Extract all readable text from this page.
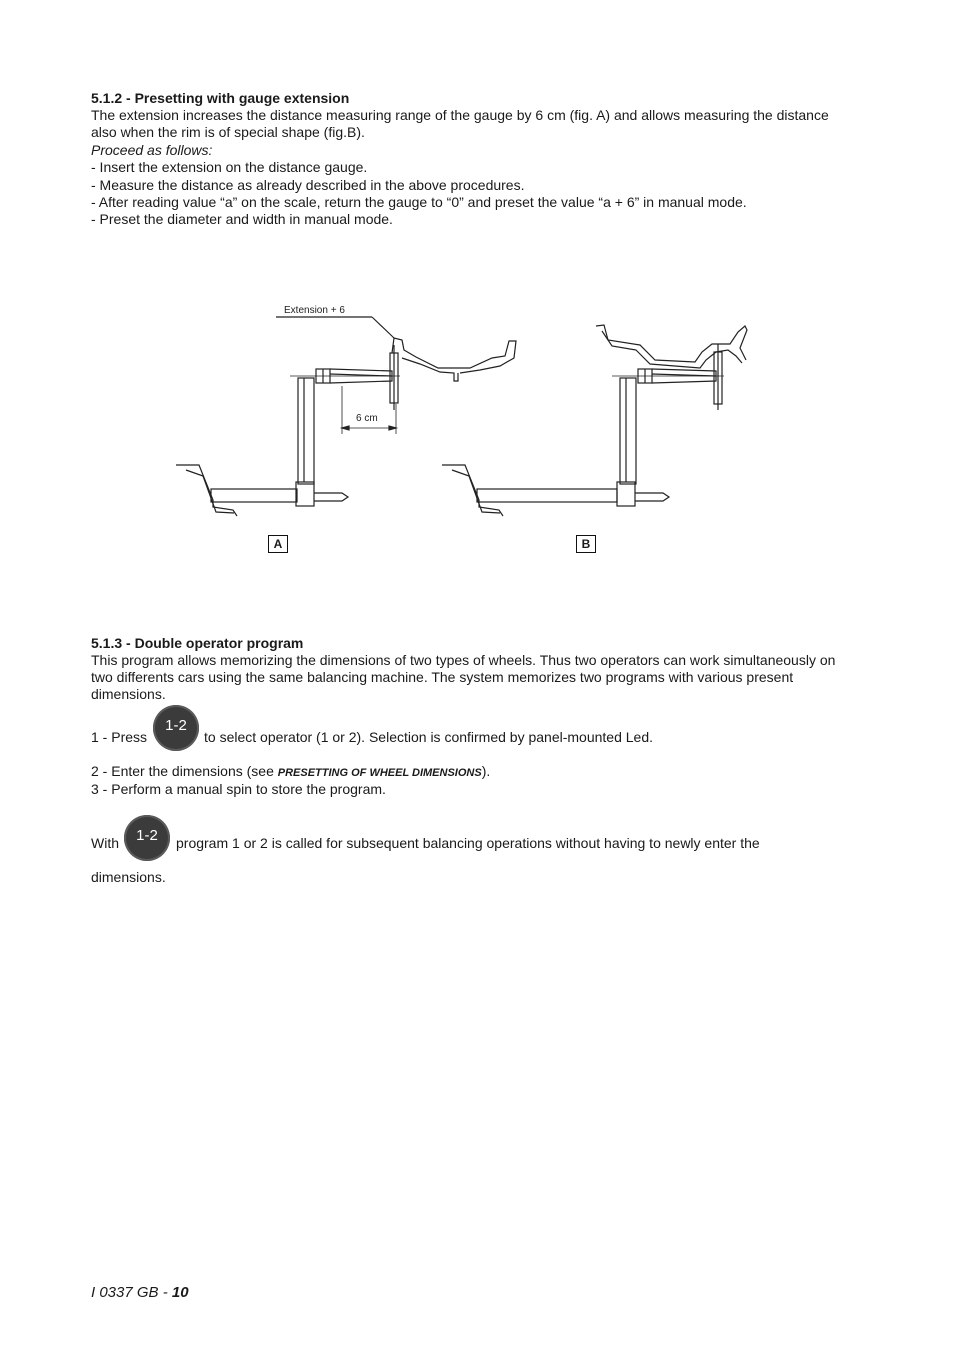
5.1.2 - Presetting with gauge extension
The extension increases the distance measuring range of the gauge by 6 cm (fig. A) and allows measuring the distance also when the rim is of special shape (fig.B).
Proceed as follows:
- Insert the extension on the distance gauge.
- Measure the distance as already described in the above procedures.
- After reading value “a” on the scale, return the gauge to “0” and preset the value “a + 6” in manual mode.
- Preset the diameter and width in manual mode.
Extension + 6
6 cm
A	B
5.1.3 - Double operator program
This program allows memorizing the dimensions of two types of wheels. Thus two operators can work simultaneously on two differents cars using the same balancing machine. The system memorizes two programs with various present dimensions.
1 - Press
1-2
to select operator (1 or 2). Selection is confirmed by panel-mounted Led.
2 - Enter the dimensions (see PRESETTING OF WHEEL DIMENSIONS).
3 - Perform a manual spin to store the program.
With	1-2	program 1 or 2 is called for subsequent balancing operations without having to newly enter the
dimensions.
I 0337 GB - 10
